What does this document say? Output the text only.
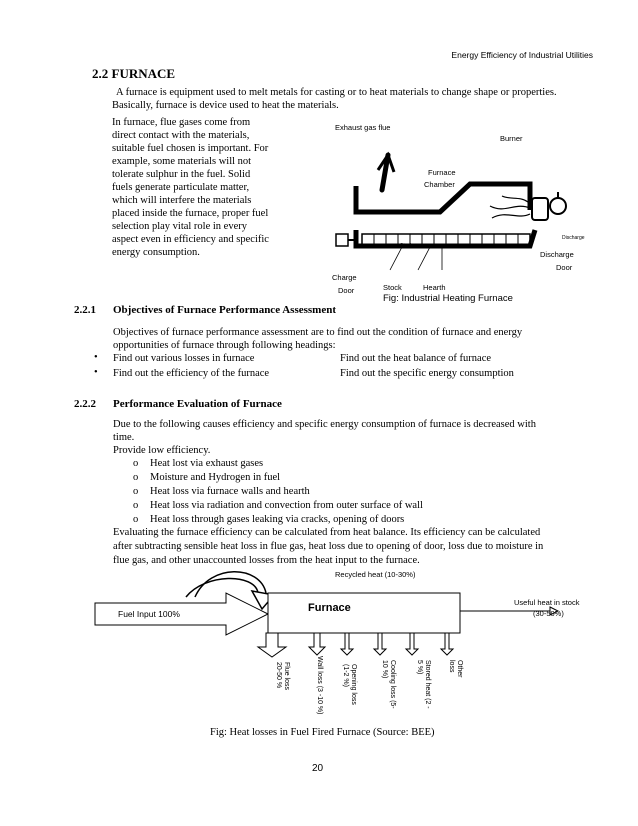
Energy Efficiency of Industrial Utilities
2.2 FURNACE
A furnace is equipment used to melt metals for casting or to heat materials to change shape or properties. Basically, furnace is device used to heat the materials.
In furnace, flue gases come from
direct contact with the materials,
suitable fuel chosen is important. For
example, some materials will not
tolerate sulphur in the fuel. Solid
fuels generate particulate matter,
which will interfere the materials
placed inside the furnace, proper fuel
selection play vital role in every
aspect even in efficiency and specific
energy consumption.
Exhaust gas flue
Burner
Furnace
Chamber
Discharge
Discharge
Door
Stock
Charge
Door	Stock	Hearth
Fig: Industrial Heating Furnace
2.2.1 Objectives of Furnace Performance Assessment
Objectives of furnace performance assessment are to find out the condition of furnace and energy
opportunities of furnace through following headings:
• Find out various losses in furnace	Find out the heat balance of furnace
• Find out the efficiency of the furnace	Find out the specific energy consumption
2.2.2 Performance Evaluation of Furnace
Due to the following causes efficiency and specific energy consumption of furnace is decreased with
time.
Provide low efficiency.
o Heat lost via exhaust gases
o Moisture and Hydrogen in fuel
o Heat loss via furnace walls and hearth
o Heat loss via radiation and convection from outer surface of wall
o Heat loss through gases leaking via cracks, opening of doors
Evaluating the furnace efficiency can be calculated from heat balance. Its efficiency can be calculated
after subtracting sensible heat loss in flue gas, heat loss due to opening of door, loss due to moisture in
flue gas, and other unaccounted losses from the heat input to the furnace.
Recycled heat (10-30%)
Fuel Input 100%	Furnace	Useful heat in stock
(30-50%)
Flue loss
20-50 %	Wall loss (3 -10 %)	Opening loss
(1-2 %)	Cooling loss (5-
10 %)	Stored heat (2 -
5 %)	Other
loss
Fig: Heat losses in Fuel Fired Furnace (Source: BEE)
20
